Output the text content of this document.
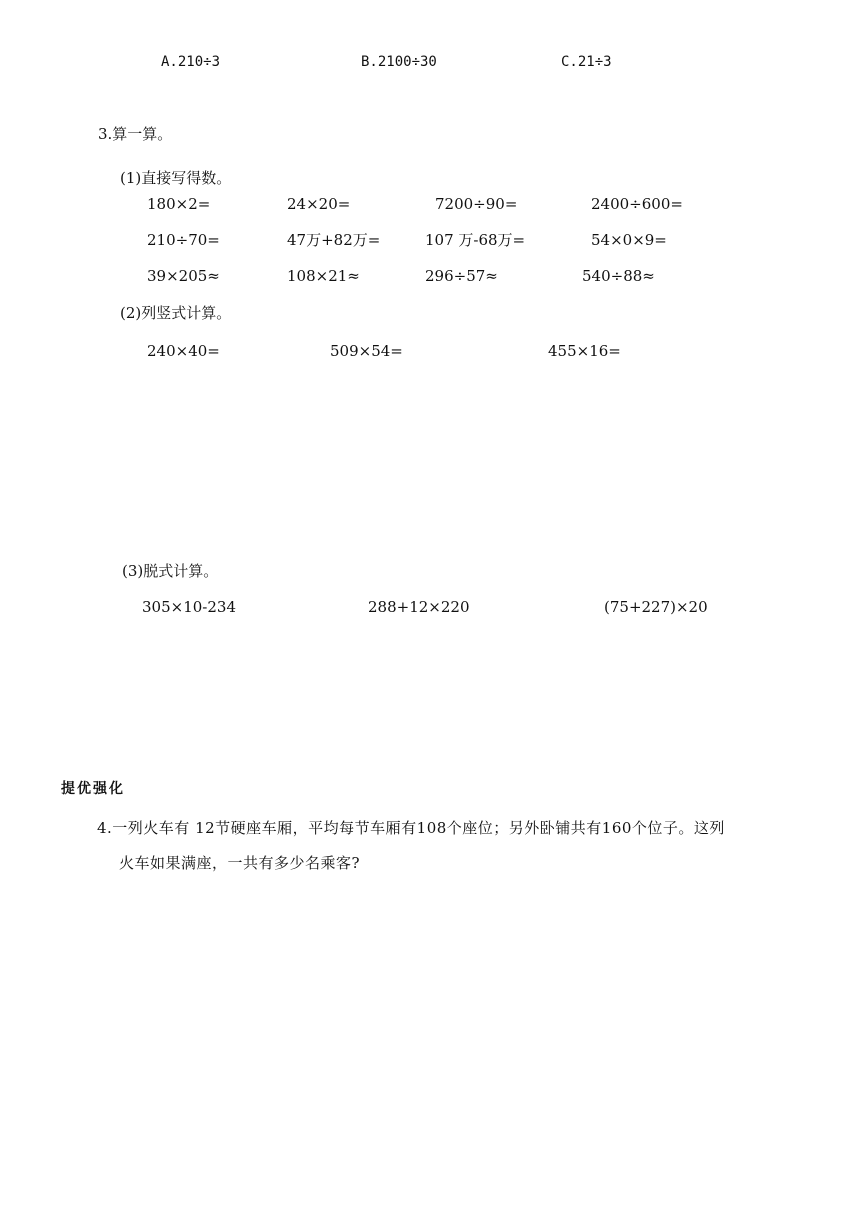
A.210÷3	B.2100÷30	C.21÷3
3.算一算。
(1)直接写得数。
180×2=	24×20=	7200÷90=	2400÷600=
210÷70=	47万+82万=	107 万-68万=	54×0×9=
39×205≈	108×21≈	296÷57≈	540÷88≈
(2)列竖式计算。
240×40=	509×54=	455×16=
(3)脱式计算。
305×10-234	288+12×220	(75+227)×20
提优强化
4.一列火车有 12节硬座车厢，平均每节车厢有108个座位；另外卧铺共有160个位子。这列
火车如果满座，一共有多少名乘客?
